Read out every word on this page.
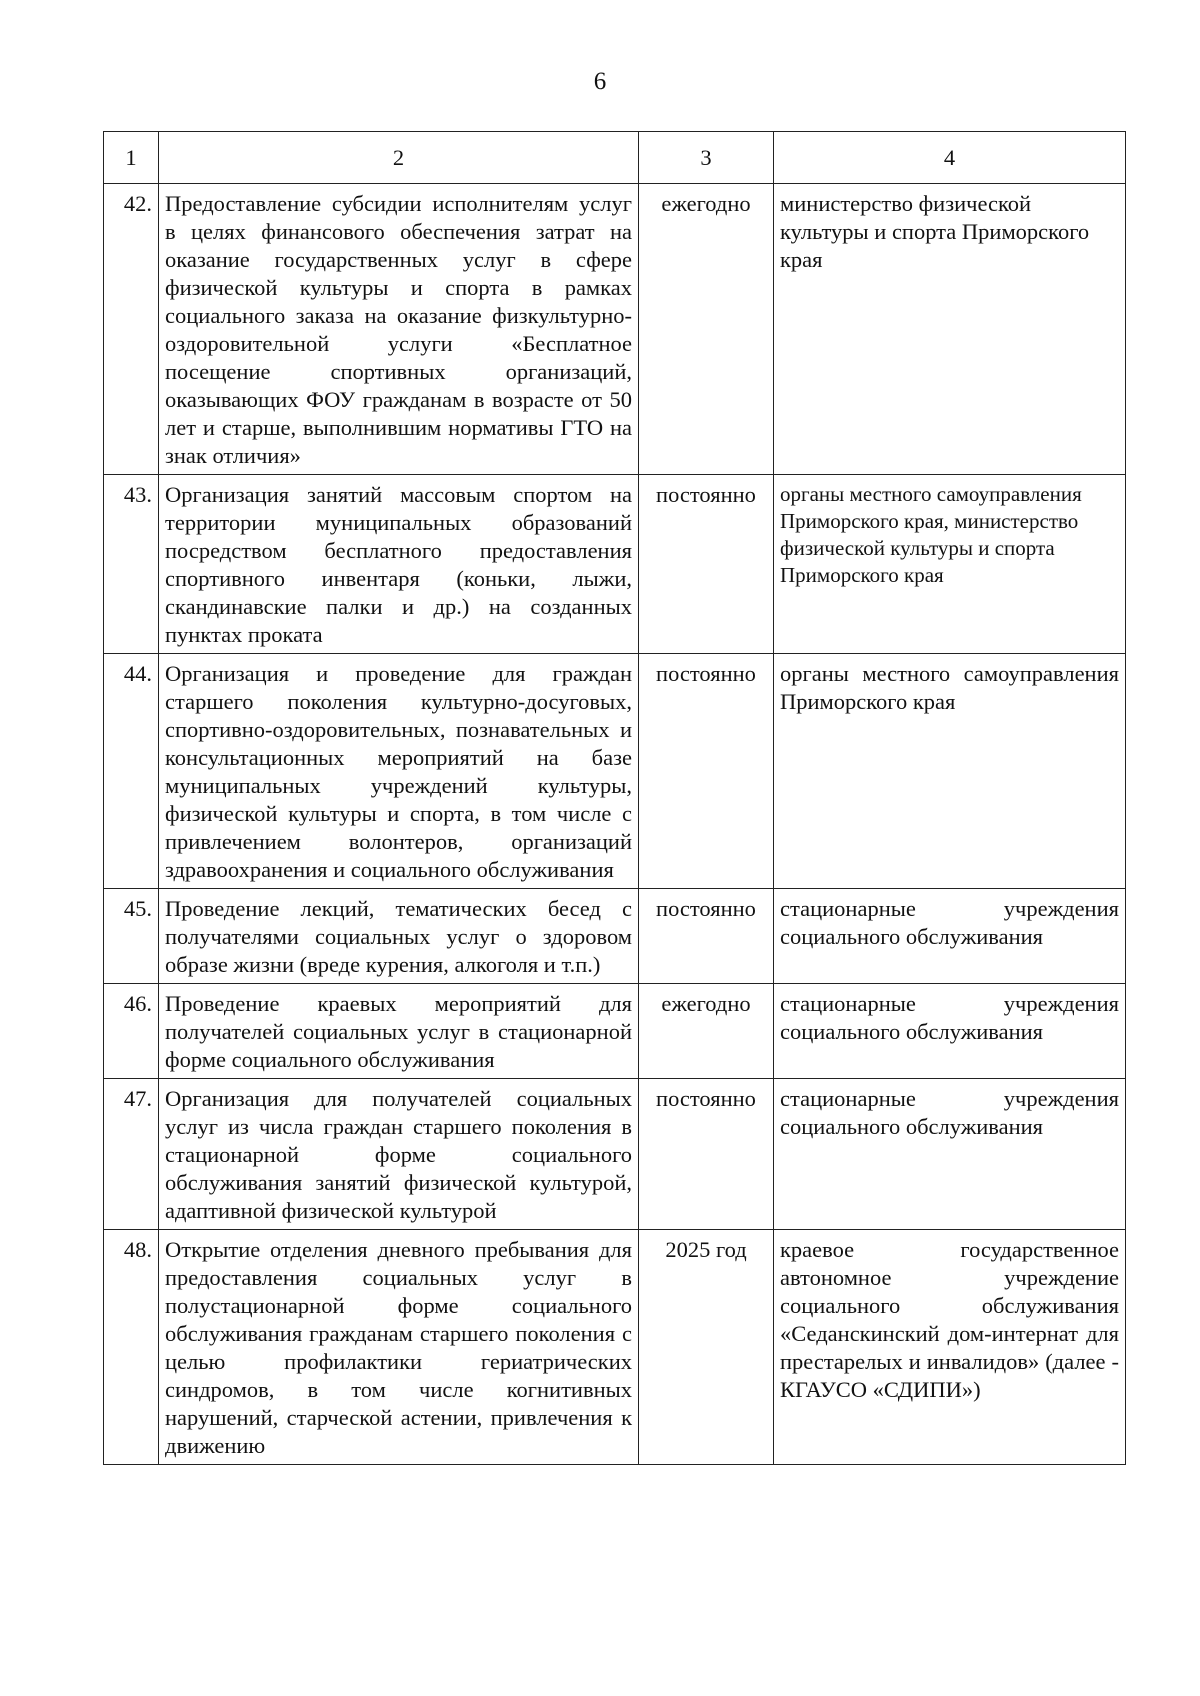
6
1	2	3	4
42.	Предоставление субсидии исполнителям услуг в целях финансового обеспечения затрат на оказание государственных услуг в сфере физической культуры и спорта в рамках социального заказа на оказание физкультурно-оздоровительной услуги «Бесплатное посещение спортивных организаций, оказывающих ФОУ гражданам в возрасте от 50 лет и старше, выполнившим нормативы ГТО на знак отличия»	ежегодно	министерство физической культуры и спорта Приморского края
43.	Организация занятий массовым спортом на территории муниципальных образований посредством бесплатного предоставления спортивного инвентаря (коньки, лыжи, скандинавские палки и др.) на созданных пунктах проката	постоянно	органы местного самоуправления Приморского края, министерство физической культуры и спорта Приморского края
44.	Организация и проведение для граждан старшего поколения культурно-досуговых, спортивно-оздоровительных, познавательных и консультационных мероприятий на базе муниципальных учреждений культуры, физической культуры и спорта, в том числе с привлечением волонтеров, организаций здравоохранения и социального обслуживания	постоянно	органы местного самоуправления Приморского края
45.	Проведение лекций, тематических бесед с получателями социальных услуг о здоровом образе жизни (вреде курения, алкоголя и т.п.)	постоянно	стационарные учреждения социального обслуживания
46.	Проведение краевых мероприятий для получателей социальных услуг в стационарной форме социального обслуживания	ежегодно	стационарные учреждения социального обслуживания
47.	Организация для получателей социальных услуг из числа граждан старшего поколения в стационарной форме социального обслуживания занятий физической культурой, адаптивной физической культурой	постоянно	стационарные учреждения социального обслуживания
48.	Открытие отделения дневного пребывания для предоставления социальных услуг в полустационарной форме социального обслуживания гражданам старшего поколения с целью профилактики гериатрических синдромов, в том числе когнитивных нарушений, старческой астении, привлечения к движению	2025 год	краевое государственное автономное учреждение социального обслуживания «Седанскинский дом-интернат для престарелых и инвалидов» (далее - КГАУСО «СДИПИ»)
